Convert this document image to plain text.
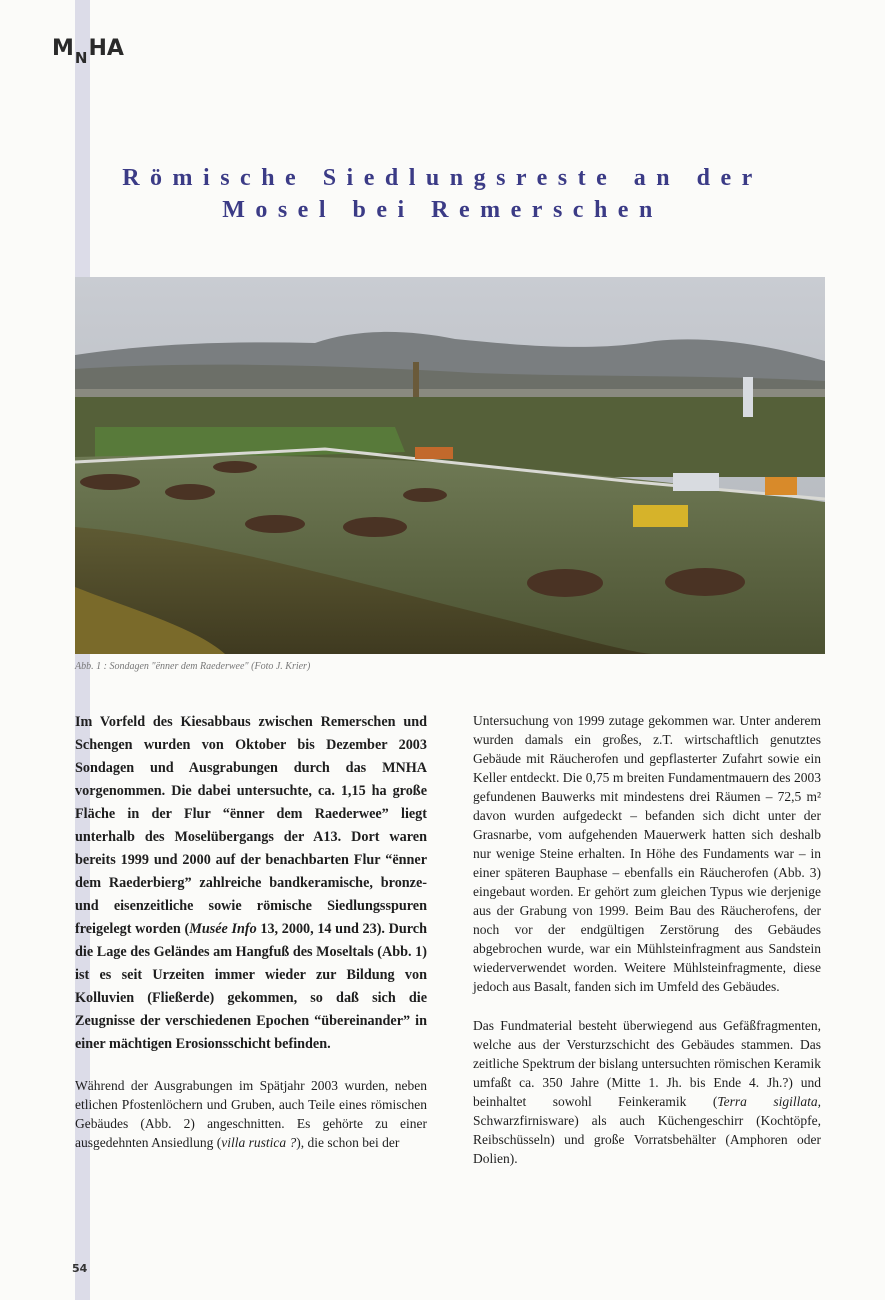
MNHA
Römische Siedlungsreste an der
Mosel bei Remerschen
Abb. 1 : Sondagen "ënner dem Raederwee" (Foto J. Krier)

Im Vorfeld des Kiesabbaus zwischen Remerschen und Schengen wurden von Oktober bis Dezember 2003 Sondagen und Ausgrabungen durch das MNHA vorgenommen. Die dabei untersuchte, ca. 1,15 ha große Fläche in der Flur “ënner dem Raederwee” liegt unterhalb des Moselübergangs der A13. Dort waren bereits 1999 und 2000 auf der benachbarten Flur “ënner dem Raederbierg” zahlreiche bandkeramische, bronze- und eisenzeitliche sowie römische Siedlungsspuren freigelegt worden (Musée Info 13, 2000, 14 und 23). Durch die Lage des Geländes am Hangfuß des Moseltals (Abb. 1) ist es seit Urzeiten immer wieder zur Bildung von Kolluvien (Fließerde) gekommen, so daß sich die Zeugnisse der verschiedenen Epochen “übereinander” in einer mächtigen Erosionsschicht befinden.

Während der Ausgrabungen im Spätjahr 2003 wurden, neben etlichen Pfostenlöchern und Gruben, auch Teile eines römischen Gebäudes (Abb. 2) angeschnitten. Es gehörte zu einer ausgedehnten Ansiedlung (villa rustica ?), die schon bei der

Untersuchung von 1999 zutage gekommen war. Unter anderem wurden damals ein großes, z.T. wirtschaftlich genutztes Gebäude mit Räucherofen und gepflasterter Zufahrt sowie ein Keller entdeckt. Die 0,75 m breiten Fundamentmauern des 2003 gefundenen Bauwerks mit mindestens drei Räumen – 72,5 m² davon wurden aufgedeckt – befanden sich dicht unter der Grasnarbe, vom aufgehenden Mauerwerk hatten sich deshalb nur wenige Steine erhalten. In Höhe des Fundaments war – in einer späteren Bauphase – ebenfalls ein Räucherofen (Abb. 3) eingebaut worden. Er gehört zum gleichen Typus wie derjenige aus der Grabung von 1999. Beim Bau des Räucherofens, der noch vor der endgültigen Zerstörung des Gebäudes abgebrochen wurde, war ein Mühlsteinfragment aus Sandstein wiederverwendet worden. Weitere Mühlsteinfragmente, diese jedoch aus Basalt, fanden sich im Umfeld des Gebäudes.

Das Fundmaterial besteht überwiegend aus Gefäßfragmenten, welche aus der Versturzschicht des Gebäudes stammen. Das zeitliche Spektrum der bislang untersuchten römischen Keramik umfaßt ca. 350 Jahre (Mitte 1. Jh. bis Ende 4. Jh.?) und beinhaltet sowohl Feinkeramik (Terra sigillata, Schwarzfirnisware) als auch Küchengeschirr (Kochtöpfe, Reibschüsseln) und große Vorratsbehälter (Amphoren oder Dolien).

54
